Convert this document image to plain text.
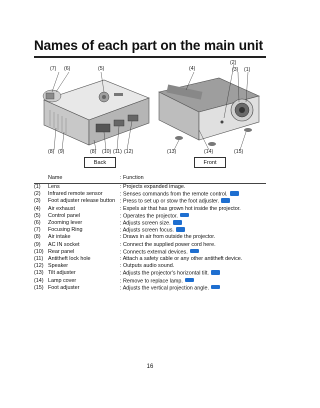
Names of each part on the main unit
(7) (6)	(5)	(4)
(2)
(3) (1)
(8) (9)	(8) (10) (11) (12)	(13)	(14)	(15)
Back	Front
Name	: Function
(1) Lens	: Projects expanded image.
(2) Infrared remote sensor	: Senses commands from the remote control.
(3) Foot adjuster release button : Press to set up or stow the foot adjuster.
(4) Air exhaust	: Expels air that has grown hot inside the projector.
(5) Control panel	: Operates the projector.
(6) Zooming lever	: Adjusts screen size.
(7) Focusing Ring	: Adjusts screen focus.
(8) Air intake	: Draws in air from outside the projector.
(9) AC IN socket	: Connect the supplied power cord here.
(10) Rear panel	: Connects external devices.
(11) Antitheft lock hole	: Attach a safety cable or any other antitheft device.
(12) Speaker	: Outputs audio sound.
(13) Tilt adjuster	: Adjusts the projector's horizontal tilt.
(14) Lamp cover	: Remove to replace lamp.
(15) Foot adjuster	: Adjusts the vertical projection angle.
16
